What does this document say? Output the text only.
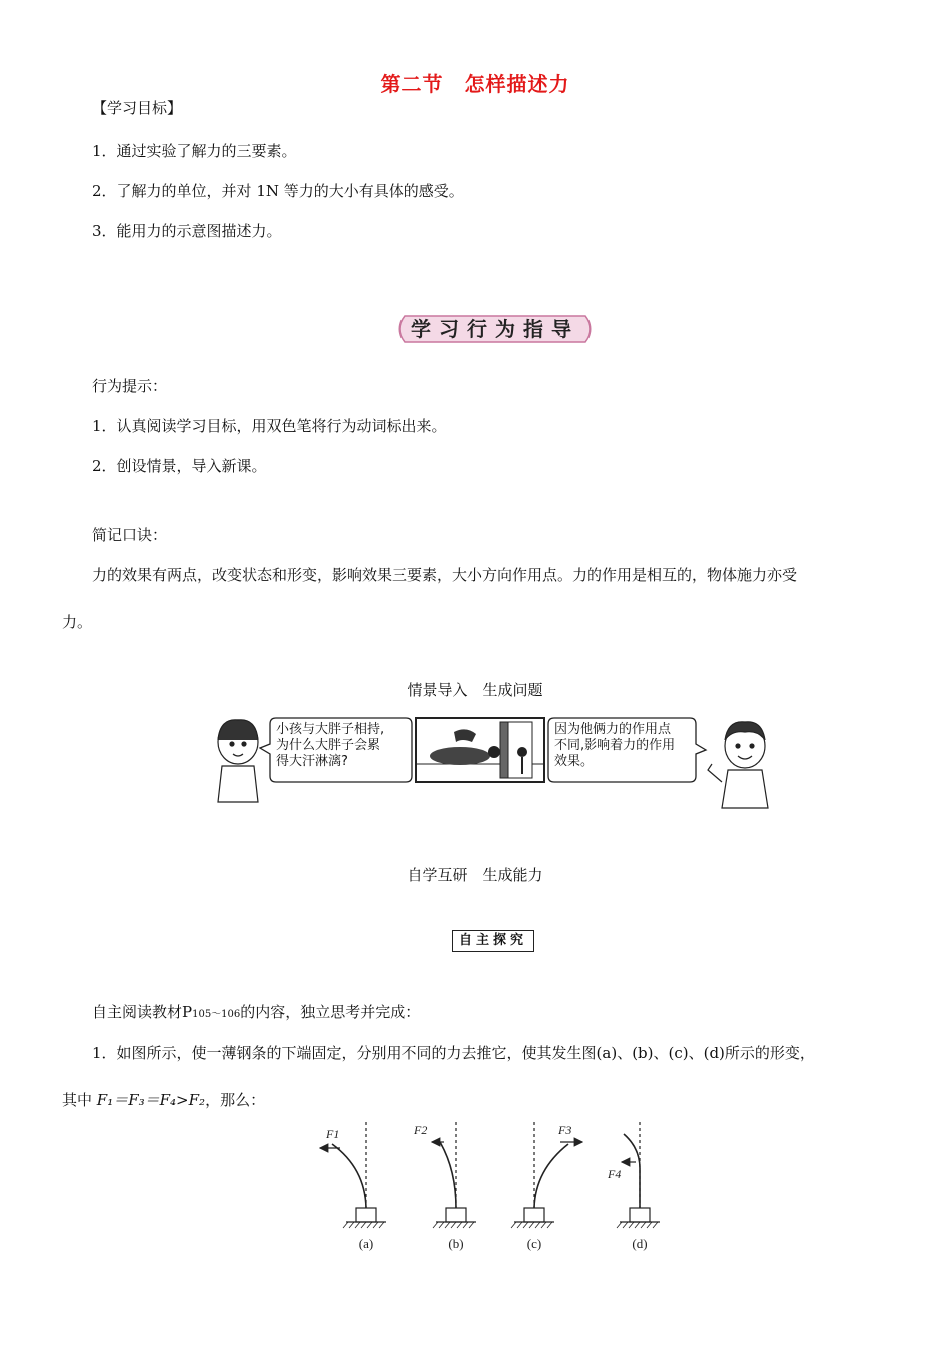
第二节　怎样描述力
【学习目标】
1．通过实验了解力的三要素。
2．了解力的单位，并对 1N 等力的大小有具体的感受。
3．能用力的示意图描述力。
学习行为指导
行为提示：
1．认真阅读学习目标，用双色笔将行为动词标出来。
2．创设情景，导入新课。
简记口诀：
力的效果有两点，改变状态和形变，影响效果三要素，大小方向作用点。力的作用是相互的，物体施力亦受
力。
情景导入　生成问题
小孩与大胖子相持,
为什么大胖子会累
得大汗淋漓?
因为他俩力的作用点
不同,影响着力的作用
效果。
自学互研　生成能力
自主探究
自主阅读教材P105～106的内容，独立思考并完成：
1．如图所示，使一薄钢条的下端固定，分别用不同的力去推它，使其发生图(a)、(b)、(c)、(d)所示的形变，
其中 F₁＝F₃＝F₄>F₂，那么：
F1	F2	F3
F4
(a)	(b)	(c)	(d)
